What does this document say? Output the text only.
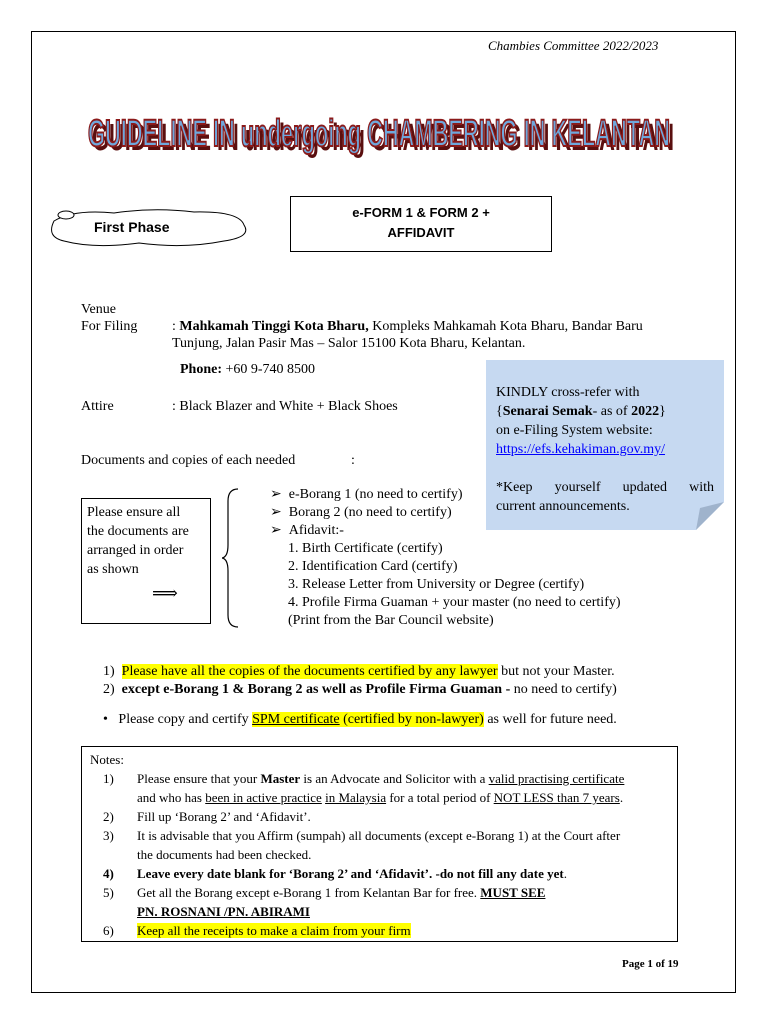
Chambies Committee 2022/2023
GUIDELINE IN undergoing CHAMBERING IN KELANTAN
GUIDELINE IN undergoing CHAMBERING IN KELANTAN
First Phase
e-FORM 1 & FORM 2 +
AFFIDAVIT
Venue
For Filing : Mahkamah Tinggi Kota Bharu, Kompleks Mahkamah Kota Bharu, Bandar Baru
Tunjung, Jalan Pasir Mas – Salor 15100 Kota Bharu, Kelantan.
Phone: +60 9-740 8500
Attire	: Black Blazer and White + Black Shoes
Documents and copies of each needed	:
KINDLY cross-refer with
{Senarai Semak- as of 2022}
on e-Filing System website:
https://efs.kehakiman.gov.my/
*Keep yourself updated with
current announcements.
Please ensure all
the documents are
arranged in order
as shown
⟹
➢ e-Borang 1 (no need to certify)
➢ Borang 2 (no need to certify)
➢ Afidavit:-
1. Birth Certificate (certify)
2. Identification Card (certify)
3. Release Letter from University or Degree (certify)
4. Profile Firma Guaman + your master (no need to certify)
(Print from the Bar Council website)
1) Please have all the copies of the documents certified by any lawyer but not your Master.
2) except e-Borang 1 & Borang 2 as well as Profile Firma Guaman - no need to certify)
• Please copy and certify SPM certificate (certified by non-lawyer) as well for future need.
Notes:
1) Please ensure that your Master is an Advocate and Solicitor with a valid practising certificate
and who has been in active practice in Malaysia for a total period of NOT LESS than 7 years.
2) Fill up ‘Borang 2’ and ‘Afidavit’.
3) It is advisable that you Affirm (sumpah) all documents (except e-Borang 1) at the Court after
the documents had been checked.
4) Leave every date blank for ‘Borang 2’ and ‘Afidavit’. -do not fill any date yet.
5) Get all the Borang except e-Borang 1 from Kelantan Bar for free. MUST SEE
PN. ROSNANI /PN. ABIRAMI
6) Keep all the receipts to make a claim from your firm
Page 1 of 19
